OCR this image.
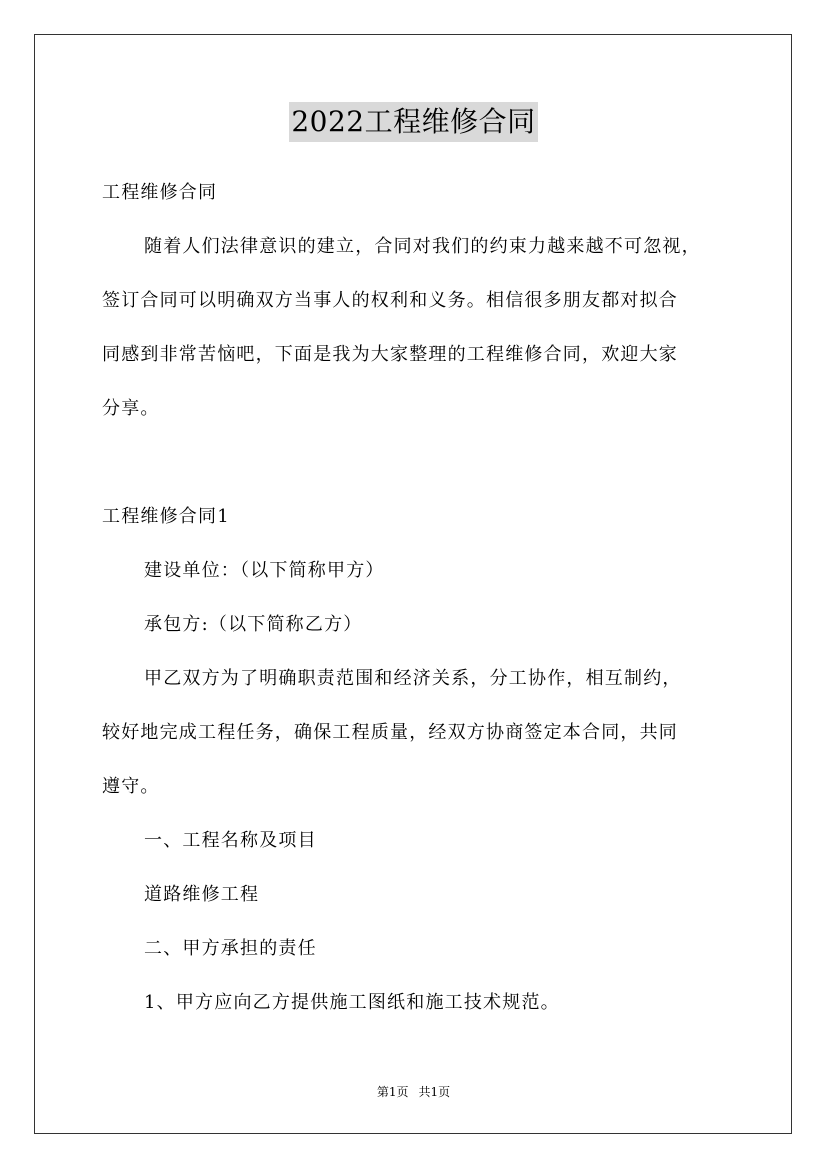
2022工程维修合同
工程维修合同
随着人们法律意识的建立，合同对我们的约束力越来越不可忽视，
签订合同可以明确双方当事人的权利和义务。相信很多朋友都对拟合
同感到非常苦恼吧，下面是我为大家整理的工程维修合同，欢迎大家
分享。
工程维修合同1
建设单位：（以下简称甲方）
承包方:（以下简称乙方）
甲乙双方为了明确职责范围和经济关系，分工协作，相互制约，
较好地完成工程任务，确保工程质量，经双方协商签定本合同，共同
遵守。
一、工程名称及项目
道路维修工程
二、甲方承担的责任
1、甲方应向乙方提供施工图纸和施工技术规范。
第1页 共1页
